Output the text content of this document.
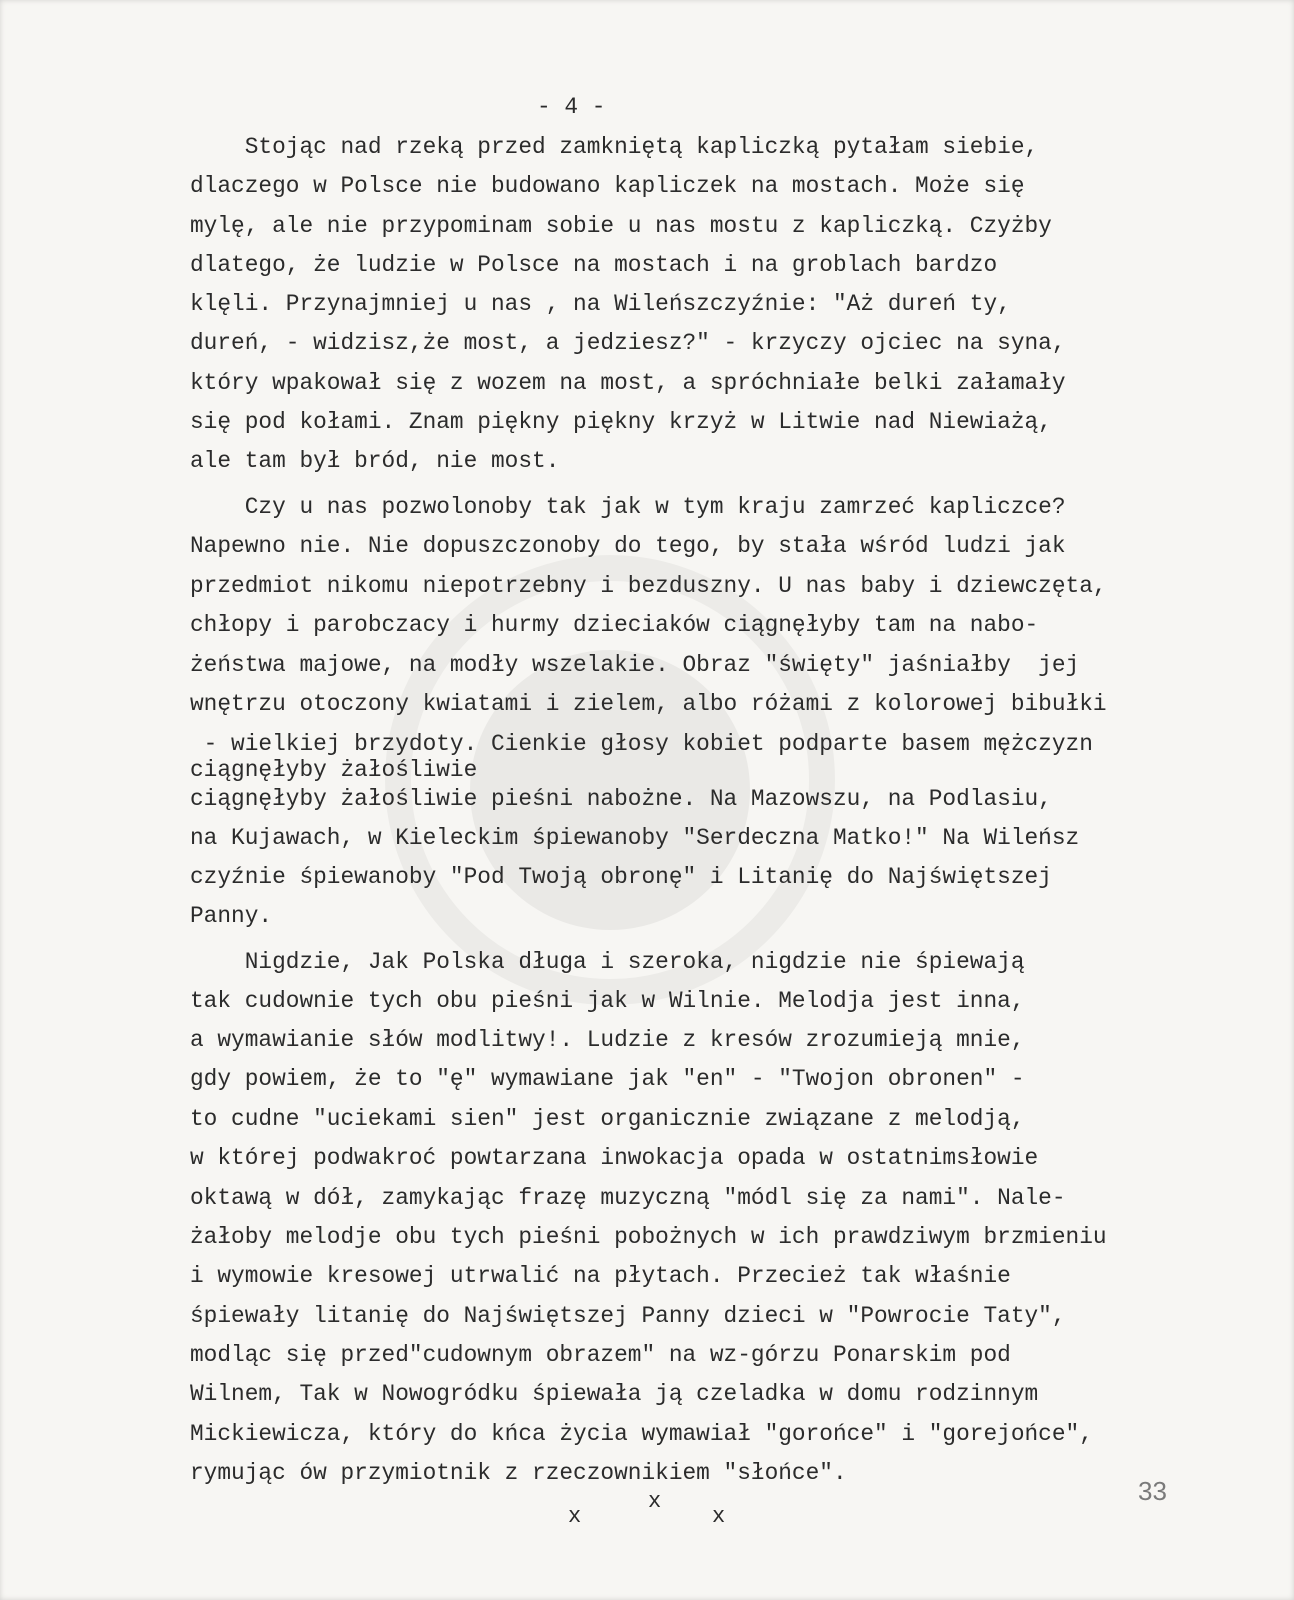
- 4 -
Stojąc nad rzeką przed zamkniętą kapliczką pytałam siebie,
dlaczego w Polsce nie budowano kapliczek na mostach. Może się
mylę, ale nie przypominam sobie u nas mostu z kapliczką. Czyżby
dlatego, że ludzie w Polsce na mostach i na groblach bardzo
klęli. Przynajmniej u nas , na Wileńszczyźnie: "Aż dureń ty,
dureń, - widzisz,że most, a jedziesz?" - krzyczy ojciec na syna,
który wpakował się z wozem na most, a spróchniałe belki załamały
się pod kołami. Znam piękny piękny krzyż w Litwie nad Niewiażą,
ale tam był bród, nie most.
Czy u nas pozwolonoby tak jak w tym kraju zamrzeć kapliczce?
Napewno nie. Nie dopuszczonoby do tego, by stała wśród ludzi jak
przedmiot nikomu niepotrzebny i bezduszny. U nas baby i dziewczęta,
chłopy i parobczacy i hurmy dzieciaków ciągnęłyby tam na nabo-
żeństwa majowe, na modły wszelakie. Obraz "święty" jaśniałby  jej
wnętrzu otoczony kwiatami i zielem, albo różami z kolorowej bibułki
- wielkiej brzydoty. Cienkie głosy kobiet podparte basem mężczyzn
ciągnęłyby żałośliwie
ciągnęłyby żałośliwie pieśni nabożne. Na Mazowszu, na Podlasiu,
na Kujawach, w Kieleckim śpiewanoby "Serdeczna Matko!" Na Wileńsz
czyźnie śpiewanoby "Pod Twoją obronę" i Litanię do Najświętszej
Panny.
Nigdzie, Jak Polska długa i szeroka, nigdzie nie śpiewają
tak cudownie tych obu pieśni jak w Wilnie. Melodja jest inna,
a wymawianie słów modlitwy!. Ludzie z kresów zrozumieją mnie,
gdy powiem, że to "ę" wymawiane jak "en" - "Twojon obronen" -
to cudne "uciekami sien" jest organicznie związane z melodją,
w której podwakroć powtarzana inwokacja opada w ostatnimsłowie
oktawą w dół, zamykając frazę muzyczną "módl się za nami". Nale-
żałoby melodje obu tych pieśni pobożnych w ich prawdziwym brzmieniu
i wymowie kresowej utrwalić na płytach. Przecież tak właśnie
śpiewały litanię do Najświętszej Panny dzieci w "Powrocie Taty",
modląc się przed"cudownym obrazem" na wz-górzu Ponarskim pod
Wilnem, Tak w Nowogródku śpiewała ją czeladka w domu rodzinnym
Mickiewicza, który do kńca życia wymawiał "gorońce" i "gorejońce",
rymując ów przymiotnik z rzeczownikiem "słońce".
33
x
x
x
